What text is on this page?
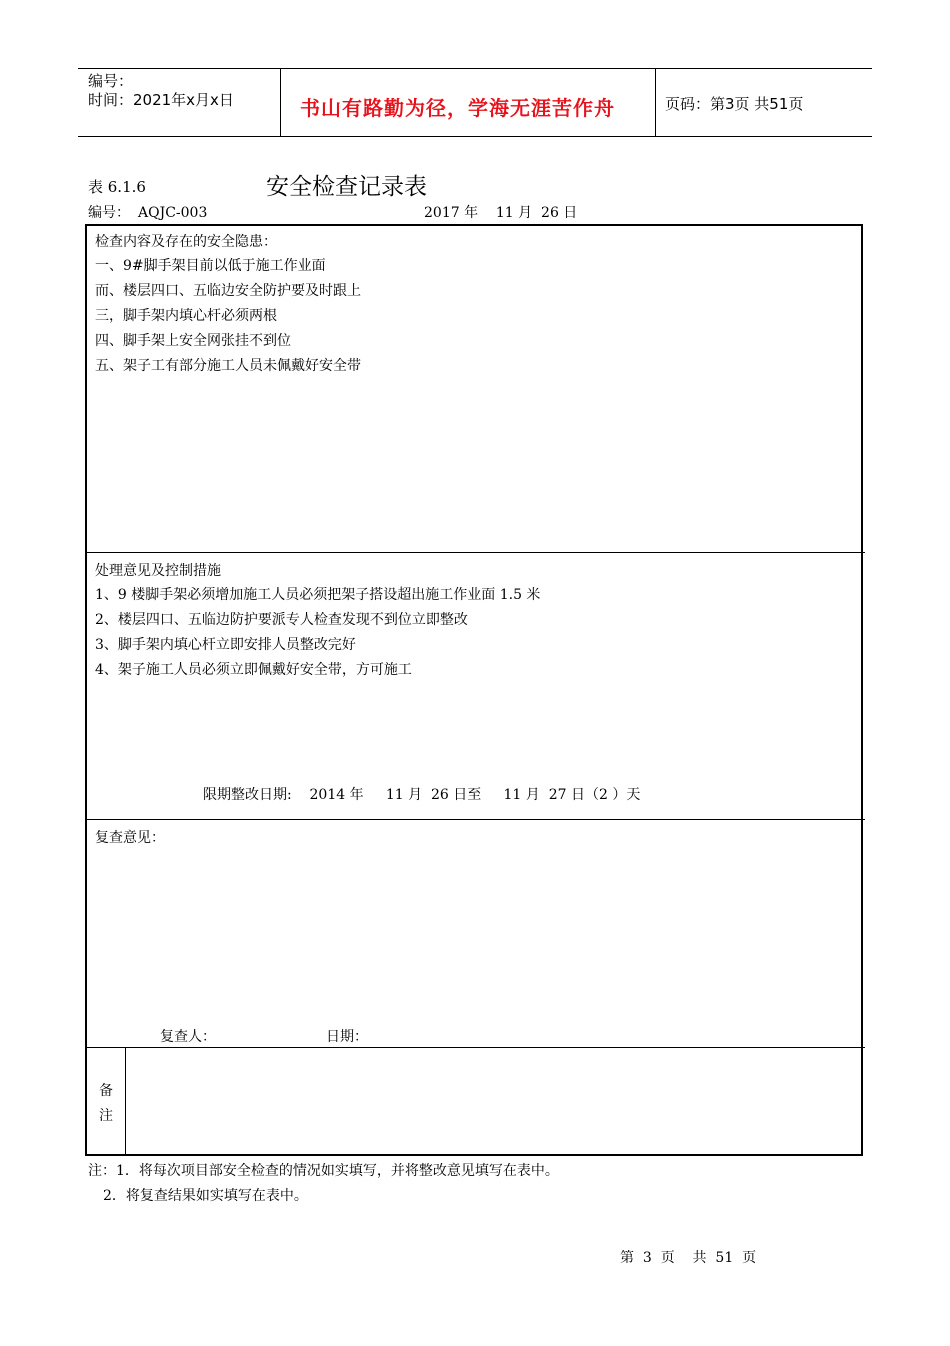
编号：
时间：2021年x月x日	书山有路勤为径，学海无涯苦作舟	页码：第3页 共51页
表 6.1.6	安全检查记录表
编号： AQJC-003	2017 年    11 月  26 日
检查内容及存在的安全隐患：
一、9#脚手架目前以低于施工作业面
而、楼层四口、五临边安全防护要及时跟上
三，脚手架内填心杆必须两根
四、脚手架上安全网张挂不到位
五、架子工有部分施工人员未佩戴好安全带
处理意见及控制措施
1、9 楼脚手架必须增加施工人员必须把架子搭设超出施工作业面 1.5 米
2、楼层四口、五临边防护要派专人检查发现不到位立即整改
3、脚手架内填心杆立即安排人员整改完好
4、架子施工人员必须立即佩戴好安全带，方可施工
限期整改日期:    2014 年     11 月  26 日至     11 月  27 日（2 ）天
复查意见：
复查人：	日期：
备
注
注：1．将每次项目部安全检查的情况如实填写，并将整改意见填写在表中。
2．将复查结果如实填写在表中。
第  3  页    共  51  页
